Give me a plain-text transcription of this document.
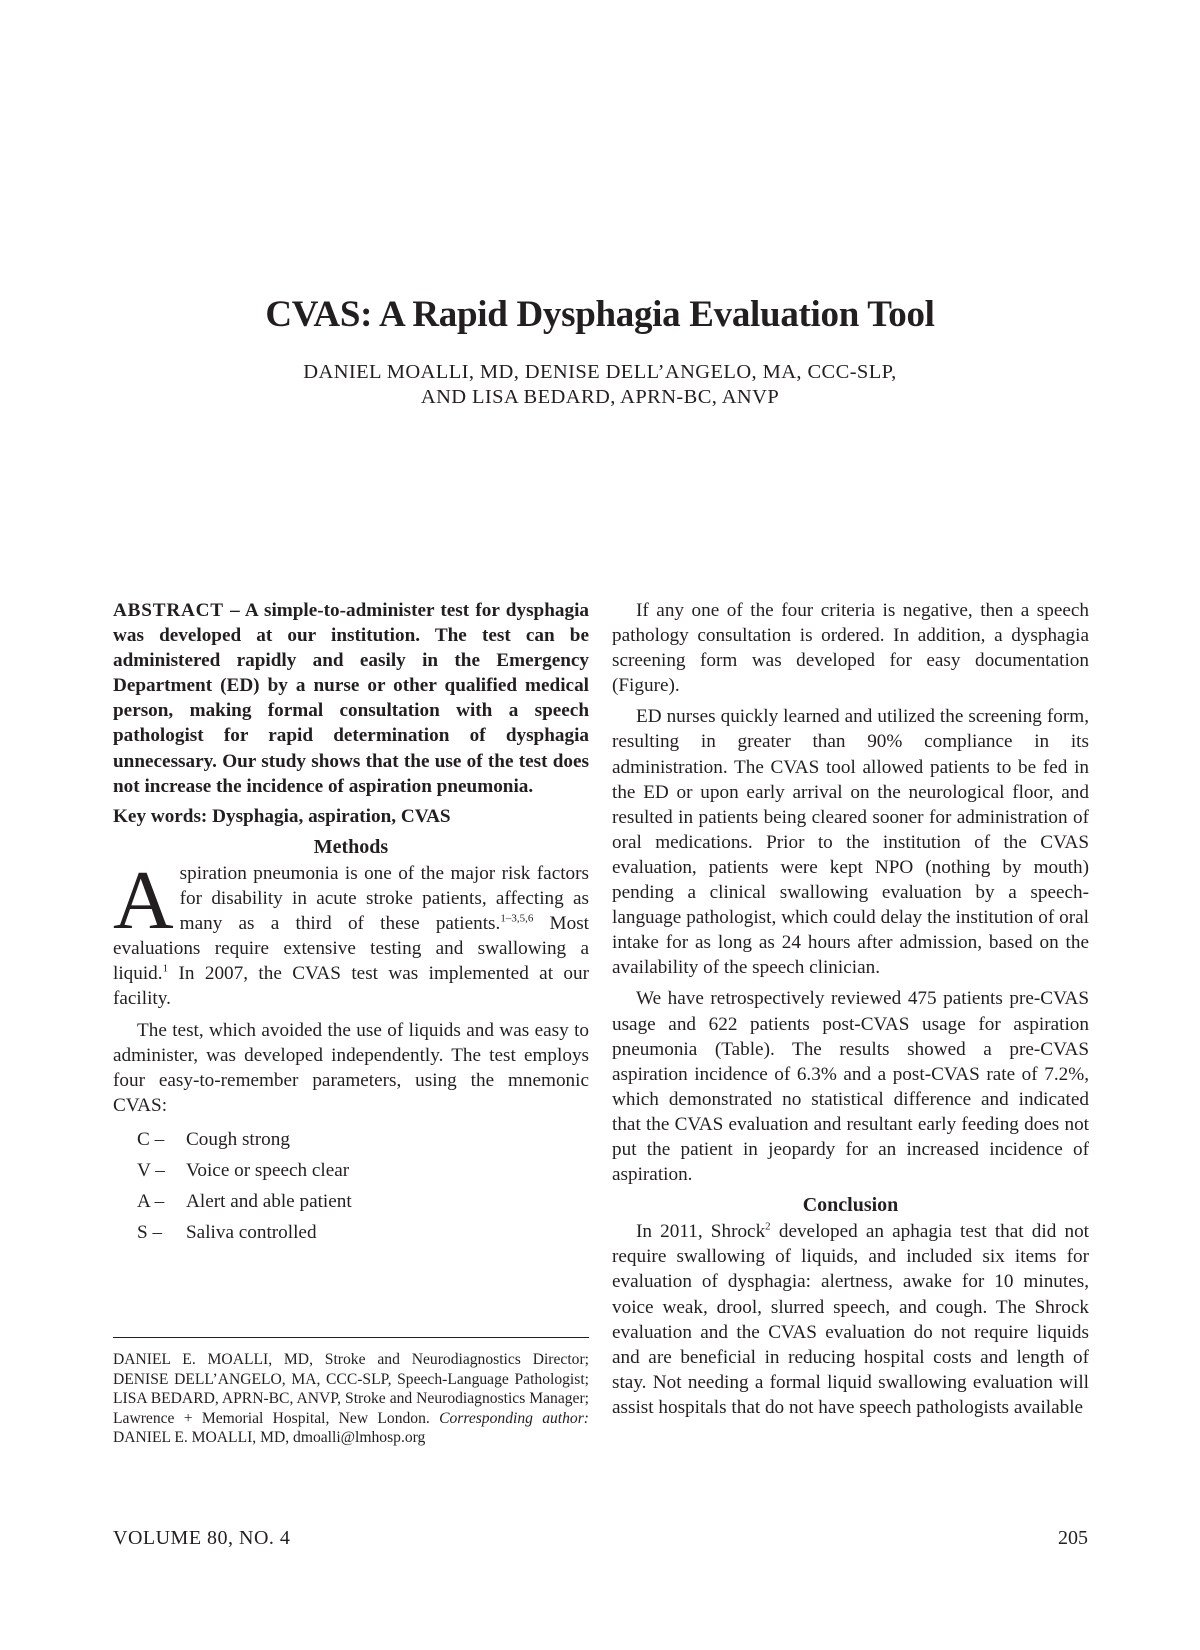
CVAS: A Rapid Dysphagia Evaluation Tool
DANIEL MOALLI, MD, DENISE DELL’ANGELO, MA, CCC-SLP,
AND LISA BEDARD, APRN-BC, ANVP

ABSTRACT – A simple-to-administer test for dysphagia was developed at our institution. The test can be administered rapidly and easily in the Emergency Department (ED) by a nurse or other qualified medical person, making formal consultation with a speech pathologist for rapid determination of dysphagia unnecessary. Our study shows that the use of the test does not increase the incidence of aspiration pneumonia.

Key words: Dysphagia, aspiration, CVAS

Methods

Aspiration pneumonia is one of the major risk factors for disability in acute stroke patients, affecting as many as a third of these patients.$^{1-3,5,6}$ Most evaluations require extensive testing and swallowing a liquid.$^1$ In 2007, the CVAS test was implemented at our facility.

The test, which avoided the use of liquids and was easy to administer, was developed independently. The test employs four easy-to-remember parameters, using the mnemonic CVAS:

C –	Cough strong
V –	Voice or speech clear
A –	Alert and able patient
S –	Saliva controlled
DANIEL E. MOALLI, MD, Stroke and Neurodiagnostics Director; DENISE DELL’ANGELO, MA, CCC-SLP, Speech-Language Pathologist; LISA BEDARD, APRN-BC, ANVP, Stroke and Neurodiagnostics Manager; Lawrence + Memorial Hospital, New London. Corresponding author: DANIEL E. MOALLI, MD, dmoalli@lmhosp.org

If any one of the four criteria is negative, then a speech pathology consultation is ordered. In addition, a dysphagia screening form was developed for easy documentation (Figure).

ED nurses quickly learned and utilized the screening form, resulting in greater than 90% compliance in its administration. The CVAS tool allowed patients to be fed in the ED or upon early arrival on the neurological floor, and resulted in patients being cleared sooner for administration of oral medications. Prior to the institution of the CVAS evaluation, patients were kept NPO (nothing by mouth) pending a clinical swallowing evaluation by a speech-language pathologist, which could delay the institution of oral intake for as long as 24 hours after admission, based on the availability of the speech clinician.

We have retrospectively reviewed 475 patients pre-CVAS usage and 622 patients post-CVAS usage for aspiration pneumonia (Table). The results showed a pre-CVAS aspiration incidence of 6.3% and a post-CVAS rate of 7.2%, which demonstrated no statistical difference and indicated that the CVAS evaluation and resultant early feeding does not put the patient in jeopardy for an increased incidence of aspiration.

Conclusion

In 2011, Shrock$^2$ developed an aphagia test that did not require swallowing of liquids, and included six items for evaluation of dysphagia: alertness, awake for 10 minutes, voice weak, drool, slurred speech, and cough. The Shrock evaluation and the CVAS evaluation do not require liquids and are beneficial in reducing hospital costs and length of stay. Not needing a formal liquid swallowing evaluation will assist hospitals that do not have speech pathologists available

VOLUME 80, NO. 4	205
